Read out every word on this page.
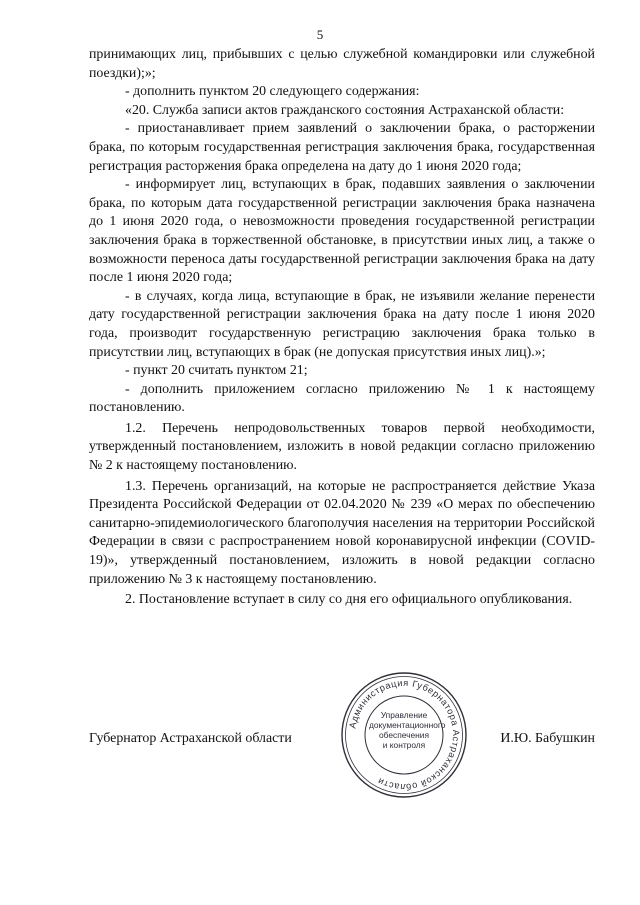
5

принимающих лиц, прибывших с целью служебной командировки или служебной поездки);»;

- дополнить пунктом 20 следующего содержания:

«20. Служба записи актов гражданского состояния Астраханской области:

- приостанавливает прием заявлений о заключении брака, о расторжении брака, по которым государственная регистрация заключения брака, государственная регистрация расторжения брака определена на дату до 1 июня 2020 года;

- информирует лиц, вступающих в брак, подавших заявления о заключении брака, по которым дата государственной регистрации заключения брака назначена до 1 июня 2020 года, о невозможности проведения государственной регистрации заключения брака в торжественной обстановке, в присутствии иных лиц, а также о возможности переноса даты государственной регистрации заключения брака на дату после 1 июня 2020 года;

- в случаях, когда лица, вступающие в брак, не изъявили желание перенести дату государственной регистрации заключения брака на дату после 1 июня 2020 года, производит государственную регистрацию заключения брака только в присутствии лиц, вступающих в брак (не допуская присутствия иных лиц).»;

- пункт 20 считать пунктом 21;

- дополнить приложением согласно приложению № 1 к настоящему постановлению.

1.2. Перечень непродовольственных товаров первой необходимости, утвержденный постановлением, изложить в новой редакции согласно приложению № 2 к настоящему постановлению.

1.3. Перечень организаций, на которые не распространяется действие Указа Президента Российской Федерации от 02.04.2020 № 239 «О мерах по обеспечению санитарно-эпидемиологического благополучия населения на территории Российской Федерации в связи с распространением новой коронавирусной инфекции (COVID-19)», утвержденный постановлением, изложить в новой редакции согласно приложению № 3 к настоящему постановлению.

2. Постановление вступает в силу со дня его официального опубликования.

Администрация Губернатора Астраханской области
Управление
документационного
обеспечения
и контроля
Губернатор Астраханской области	И.Ю. Бабушкин
